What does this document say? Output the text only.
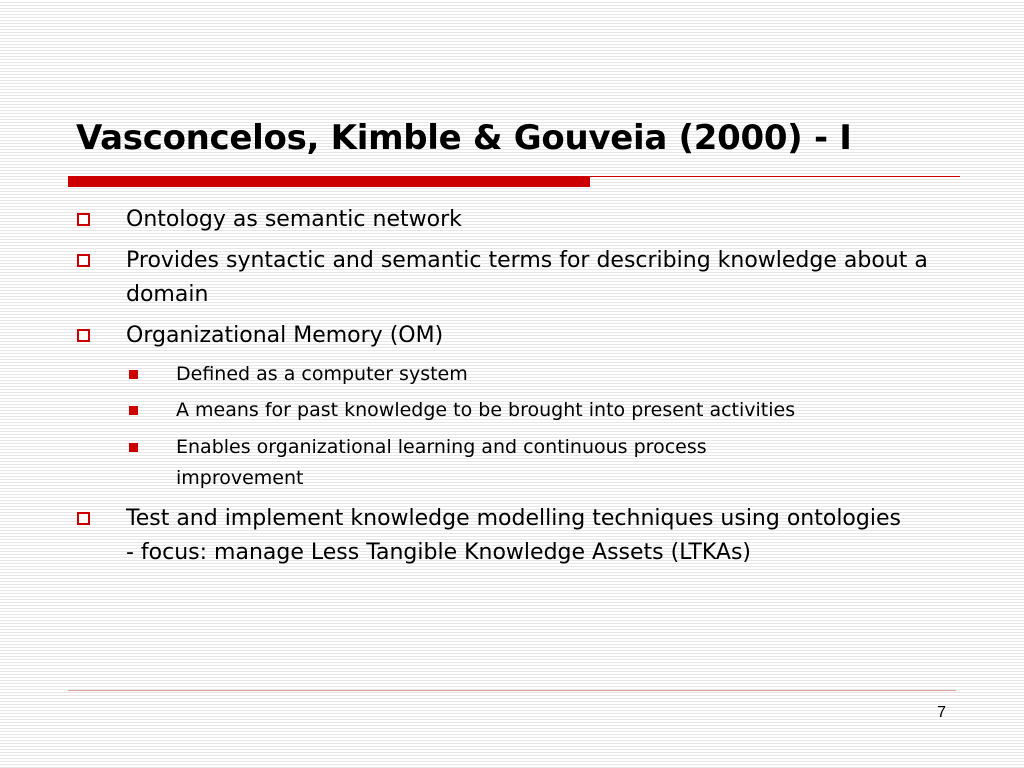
Vasconcelos, Kimble & Gouveia (2000) - I
Ontology as semantic network
Provides syntactic and semantic terms for describing knowledge about a domain
Organizational Memory (OM)
Defined as a computer system
A means for past knowledge to be brought into present activities
Enables organizational learning and continuous process improvement
Test and implement knowledge modelling techniques using ontologies - focus: manage Less Tangible Knowledge Assets (LTKAs)
7
